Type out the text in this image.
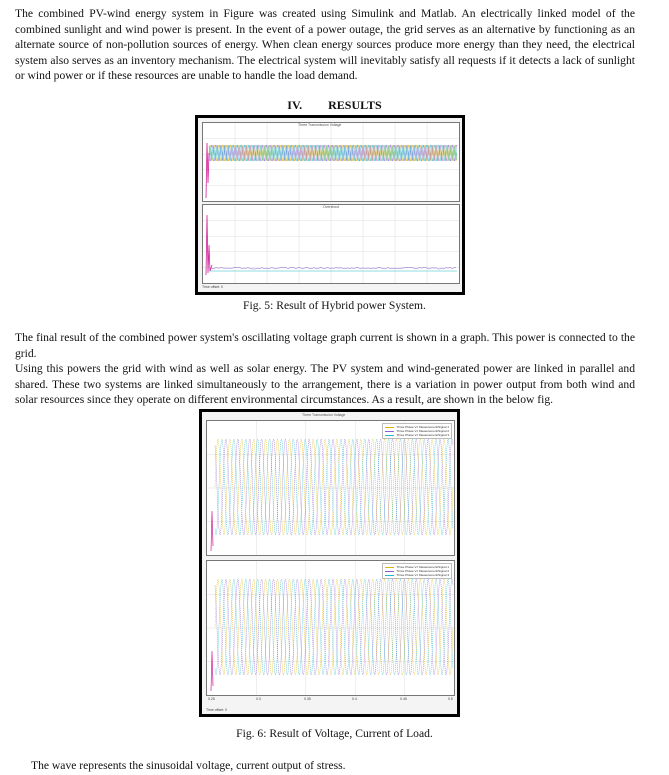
The combined PV-wind energy system in Figure was created using Simulink and Matlab. An electrically linked model of the combined sunlight and wind power is present. In the event of a power outage, the grid serves as an alternative by functioning as an alternate source of non-pollution sources of energy. When clean energy sources produce more energy than they need, the electrical system also serves as an inventory mechanism. The electrical system will inevitably satisfy all requests if it detects a lack of sunlight or wind power or if these resources are unable to handle the load demand.

IV. RESULTS
Three Transmission Voltage
Overshoot
Time offset: 0
Fig. 5: Result of Hybrid power System.
The final result of the combined power system's oscillating voltage graph current is shown in a graph. This power is connected to the grid.
Using this powers the grid with wind as well as solar energy. The PV system and wind-generated power are linked in parallel and shared. These two systems are linked simultaneously to the arrangement, there is a variation in power output from both wind and solar resources since they operate on different environmental circumstances. As a result, are shown in the below fig.
Three Transmission Voltage
Three Phase V-I Measurement/Signal 1
Three Phase V-I Measurement/Signal 2
Three Phase V-I Measurement/Signal 3
Three Phase V-I Measurement/Signal 1
Three Phase V-I Measurement/Signal 2
Three Phase V-I Measurement/Signal 3
0.25	0.3	0.35	0.4	0.45	0.5
Time offset: 0
Fig. 6: Result of Voltage, Current of Load.

The wave represents the sinusoidal voltage, current output of stress.
